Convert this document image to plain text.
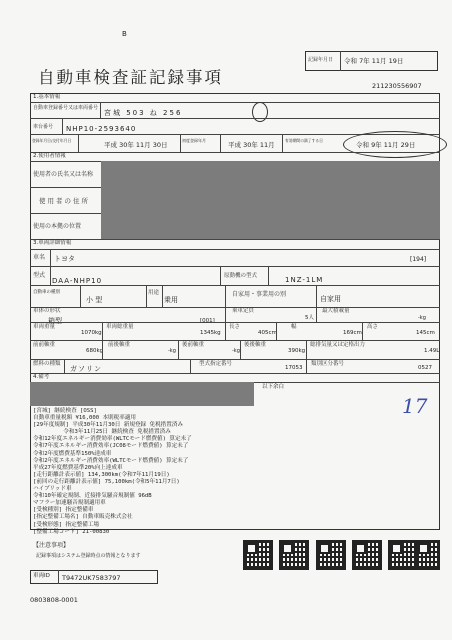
B
自動車検査証記録事項
記録年月日 令和 7年 11月 19日
211230556907
1.基本情報
自動車登録番号又は車両番号
宮城 503 ね 256
車台番号 NHP10-2593640
登録年月日/交付年月日
平成 30年 11月 30日
初度登録年月
平成 30年 11月
有効期間の満了する日
令和 9年 11月 29日
2.使用者情報
使用者の氏名又は名称
使用者の住所
使用の本拠の位置
3.車両詳細情報
車名 トヨタ	[194]
型式
DAA-NHP10
原動機の型式	1NZ-1LM
自動車の種別
小 型
用途
乗用
自家用・事業用の別
自家用
車体の形状
箱型	[001]
乗車定員
5人
最大積載量
-kg
車両重量
1070kg
車両総重量
1345kg
長さ
405cm
幅
169cm
高さ
145cm
前前軸重
680kg
前後軸重
-kg
後前軸重
-kg
後後軸重
390kg
総排気量又は定格出力
1.49L
燃料の種類
ガソリン
型式指定番号
17053
類別区分番号
0527
4.備考
以下余白
17
[宮城] 継続検査 [OSS]
自動車重量税額 ¥16,000 本則税率適用
[29年度規制] 平成30年11月30日 新規登録 免税措置済み
令和3年11月25日 継続検査 免税措置済み
令和12年度エネルギー消費効率(WLTCモード燃費値) 算定未了
令和7年度エネルギー消費効率(JC08モード燃費値) 算定未了
令和2年度燃費基準150%達成車
令和2年度エネルギー消費効率(WLTCモード燃費値) 算定未了
平成27年度燃費基準20%向上達成車
[走行距離計表示値] 134,300km(令和7年11月19日)
[前回の走行距離計表示値] 75,100km(令和5年11月7日)
ハイブリッド車
令和10年確定規制、近接排気騒音規制値 96dB
マフラー加速騒音規制適用車
[受検種別] 指定整備車
[指定整備工場名] 自動車販売株式会社
[受検形態] 指定整備工場
[整備工場コード] 21-00830
【注意事項】
記録事項はシステム登録時点の情報となります
車両ID T9472UK7583797
0803808-0001
